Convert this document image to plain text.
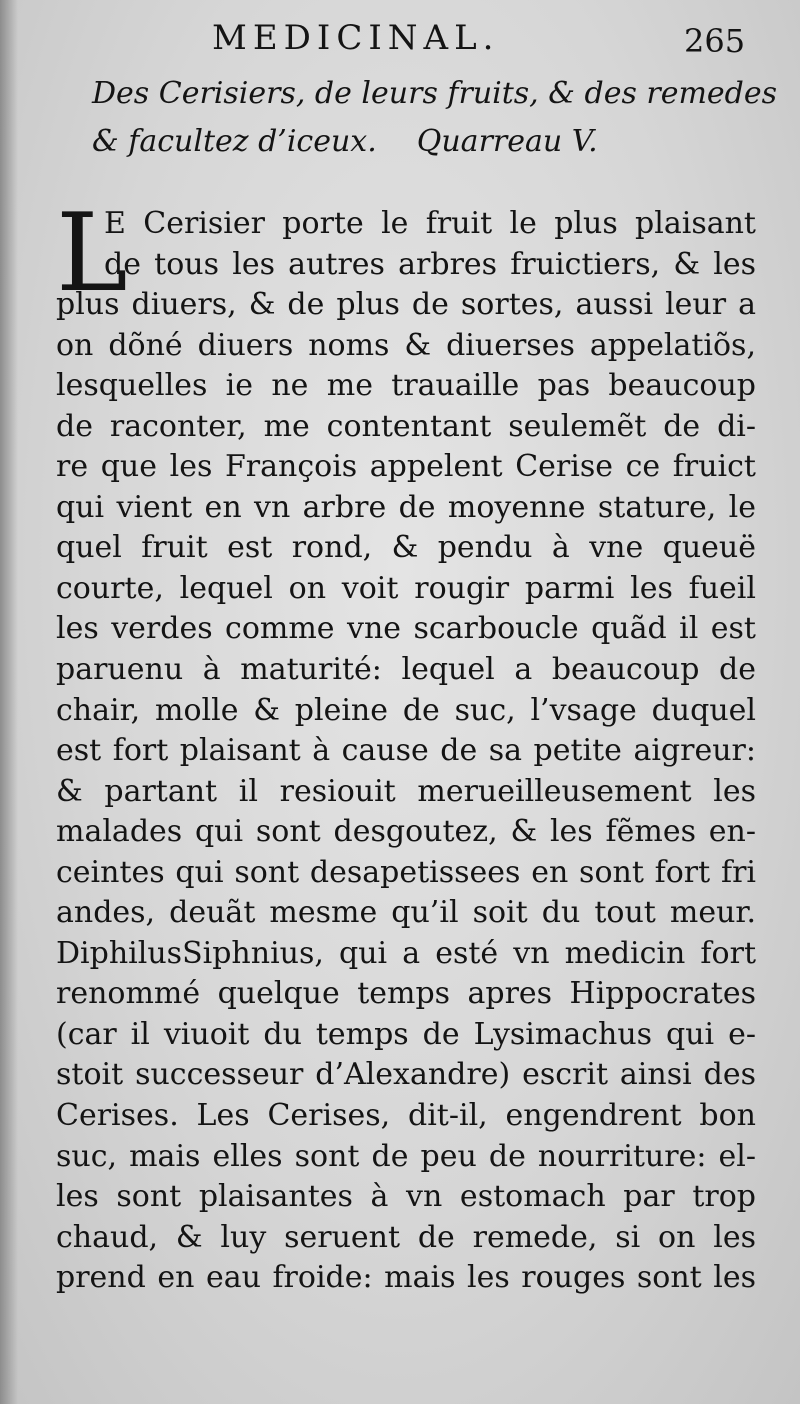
MEDICINAL.	265
Des Cerisiers, de leurs fruits, & des remedes
& facultez d’iceux. Quarreau V.
L
E Cerisier porte le fruit le plus plaisant
de tous les autres arbres fruictiers, & les
plus diuers, & de plus de sortes, aussi leur a
on dõné diuers noms & diuerses appelatiõs,
lesquelles ie ne me trauaille pas beaucoup
de raconter, me contentant seulemẽt de di-
re que les François appelent Cerise ce fruict
qui vient en vn arbre de moyenne stature, le
quel fruit est rond, & pendu à vne queuë
courte, lequel on voit rougir parmi les fueil
les verdes comme vne scarboucle quãd il est
paruenu à maturité: lequel a beaucoup de
chair, molle & pleine de suc, l’vsage duquel
est fort plaisant à cause de sa petite aigreur:
& partant il resiouit merueilleusement les
malades qui sont desgoutez, & les fẽmes en-
ceintes qui sont desapetissees en sont fort fri
andes, deuãt mesme qu’il soit du tout meur.
DiphilusSiphnius, qui a esté vn medicin fort
renommé quelque temps apres Hippocrates
(car il viuoit du temps de Lysimachus qui e-
stoit successeur d’Alexandre) escrit ainsi des
Cerises. Les Cerises, dit-il, engendrent bon
suc, mais elles sont de peu de nourriture: el-
les sont plaisantes à vn estomach par trop
chaud, & luy seruent de remede, si on les
prend en eau froide: mais les rouges sont les
